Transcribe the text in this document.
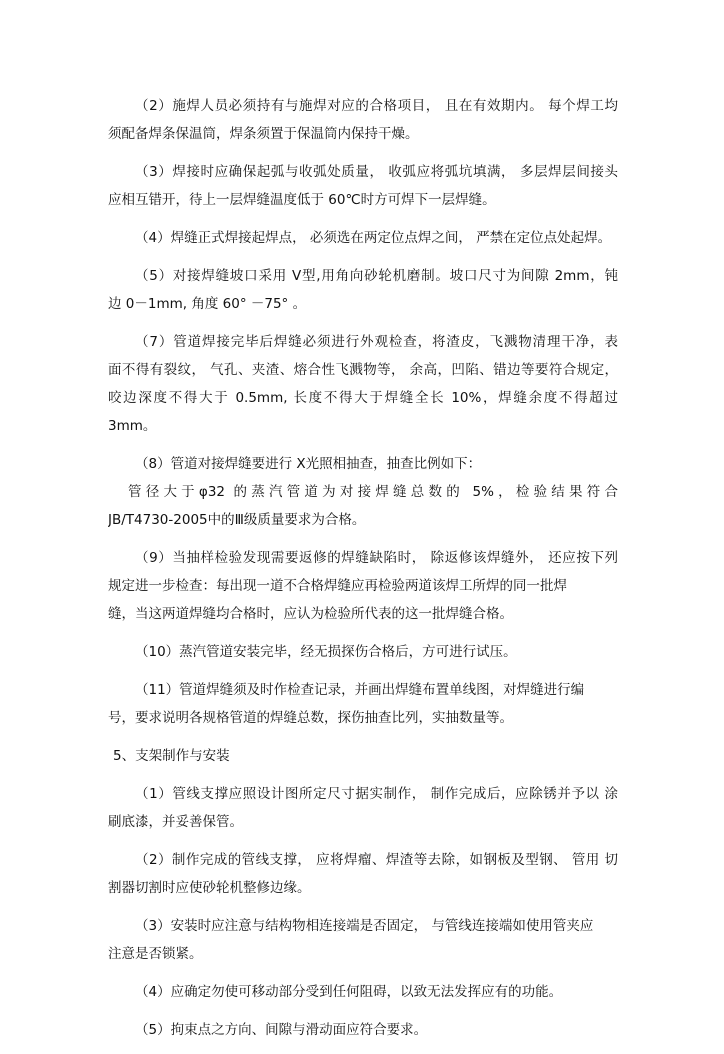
（2）施焊人员必须持有与施焊对应的合格项目， 且在有效期内。 每个焊工均
须配备焊条保温筒，焊条须置于保温筒内保持干燥。
（3）焊接时应确保起弧与收弧处质量， 收弧应将弧坑填满， 多层焊层间接头
应相互错开，待上一层焊缝温度低于 60℃时方可焊下一层焊缝。
（4）焊缝正式焊接起焊点， 必须选在两定位点焊之间， 严禁在定位点处起焊。
（5）对接焊缝坡口采用 V型,用角向砂轮机磨制。坡口尺寸为间隙 2mm，钝
边 0－1mm, 角度 60° －75° 。
（7）管道焊接完毕后焊缝必须进行外观检查，将渣皮，飞溅物清理干净，表
面不得有裂纹， 气孔、夹渣、熔合性飞溅物等， 余高，凹陷、错边等要符合规定，
咬边深度不得大于 0.5mm, 长度不得大于焊缝全长 10%，焊缝余度不得超过
3mm。
（8）管道对接焊缝要进行 X光照相抽查，抽查比例如下：
管径大于φ32 的蒸汽管道为对接焊缝总数的 5%，检验结果符合
JB/T4730-2005中的Ⅲ级质量要求为合格。
（9）当抽样检验发现需要返修的焊缝缺陷时， 除返修该焊缝外， 还应按下列
规定进一步检查：每出现一道不合格焊缝应再检验两道该焊工所焊的同一批焊
缝，当这两道焊缝均合格时，应认为检验所代表的这一批焊缝合格。
（10）蒸汽管道安装完毕，经无损探伤合格后，方可进行试压。
（11）管道焊缝须及时作检查记录，并画出焊缝布置单线图，对焊缝进行编
号，要求说明各规格管道的焊缝总数，探伤抽查比列，实抽数量等。
5、支架制作与安装
（1）管线支撑应照设计图所定尺寸据实制作， 制作完成后，应除锈并予以 涂
刷底漆，并妥善保管。
（2）制作完成的管线支撑， 应将焊瘤、焊渣等去除，如钢板及型钢、 管用 切
割器切割时应使砂轮机整修边缘。
（3）安装时应注意与结构物相连接端是否固定， 与管线连接端如使用管夹应
注意是否锁紧。
（4）应确定勿使可移动部分受到任何阻碍，以致无法发挥应有的功能。
（5）拘束点之方向、间隙与滑动面应符合要求。
